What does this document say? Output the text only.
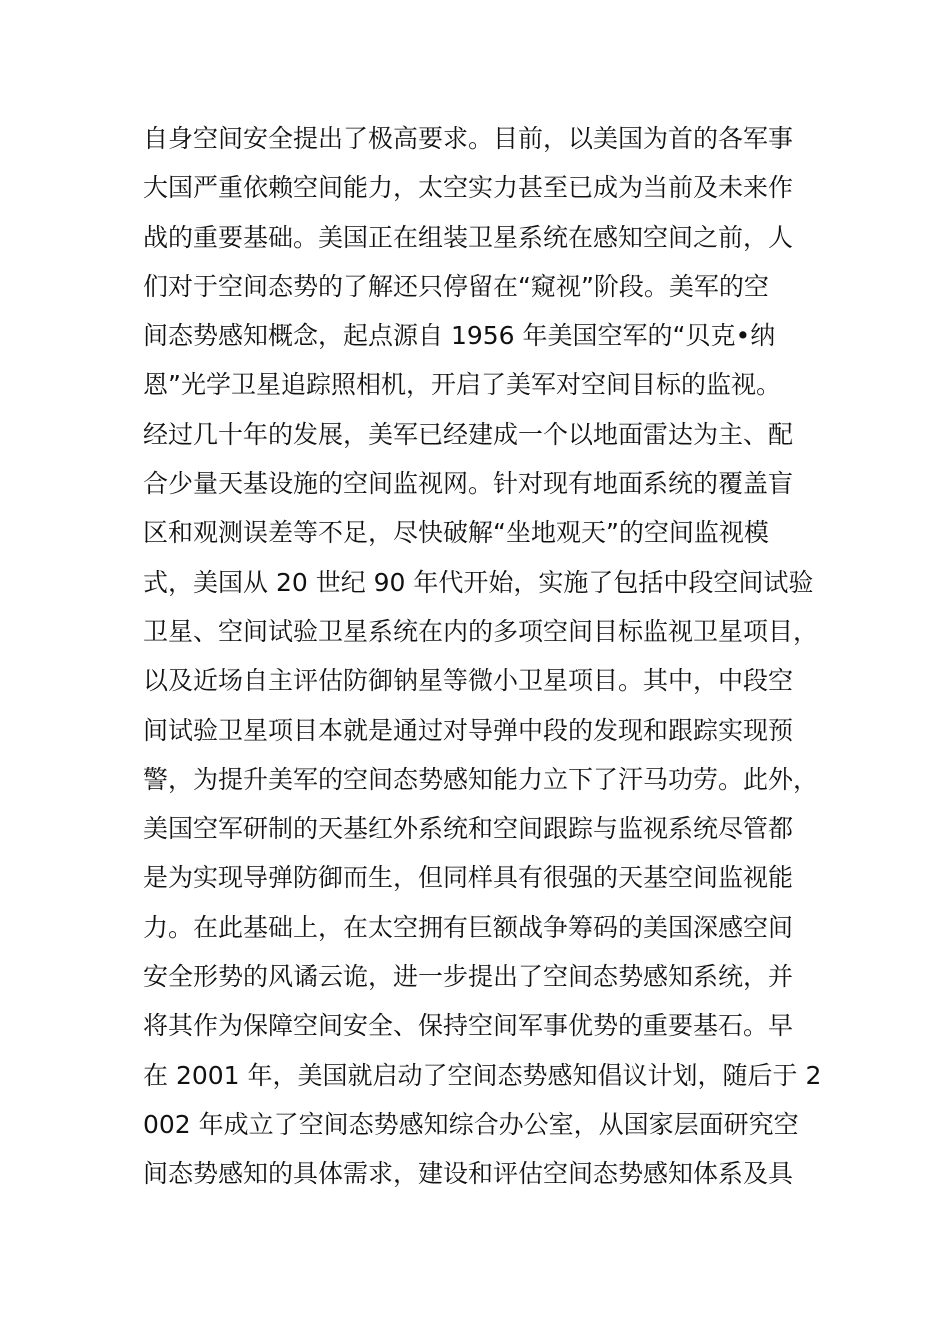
自身空间安全提出了极高要求。目前，以美国为首的各军事
大国严重依赖空间能力，太空实力甚至已成为当前及未来作
战的重要基础。美国正在组装卫星系统在感知空间之前，人
们对于空间态势的了解还只停留在“窥视”阶段。美军的空
间态势感知概念，起点源自 1956 年美国空军的“贝克•纳
恩”光学卫星追踪照相机，开启了美军对空间目标的监视。
经过几十年的发展，美军已经建成一个以地面雷达为主、配
合少量天基设施的空间监视网。针对现有地面系统的覆盖盲
区和观测误差等不足，尽快破解“坐地观天”的空间监视模
式，美国从 20 世纪 90 年代开始，实施了包括中段空间试验
卫星、空间试验卫星系统在内的多项空间目标监视卫星项目，
以及近场自主评估防御钠星等微小卫星项目。其中，中段空
间试验卫星项目本就是通过对导弹中段的发现和跟踪实现预
警，为提升美军的空间态势感知能力立下了汗马功劳。此外，
美国空军研制的天基红外系统和空间跟踪与监视系统尽管都
是为实现导弹防御而生，但同样具有很强的天基空间监视能
力。在此基础上，在太空拥有巨额战争筹码的美国深感空间
安全形势的风谲云诡，进一步提出了空间态势感知系统，并
将其作为保障空间安全、保持空间军事优势的重要基石。早
在 2001 年，美国就启动了空间态势感知倡议计划，随后于 2
002 年成立了空间态势感知综合办公室，从国家层面研究空
间态势感知的具体需求，建设和评估空间态势感知体系及具
